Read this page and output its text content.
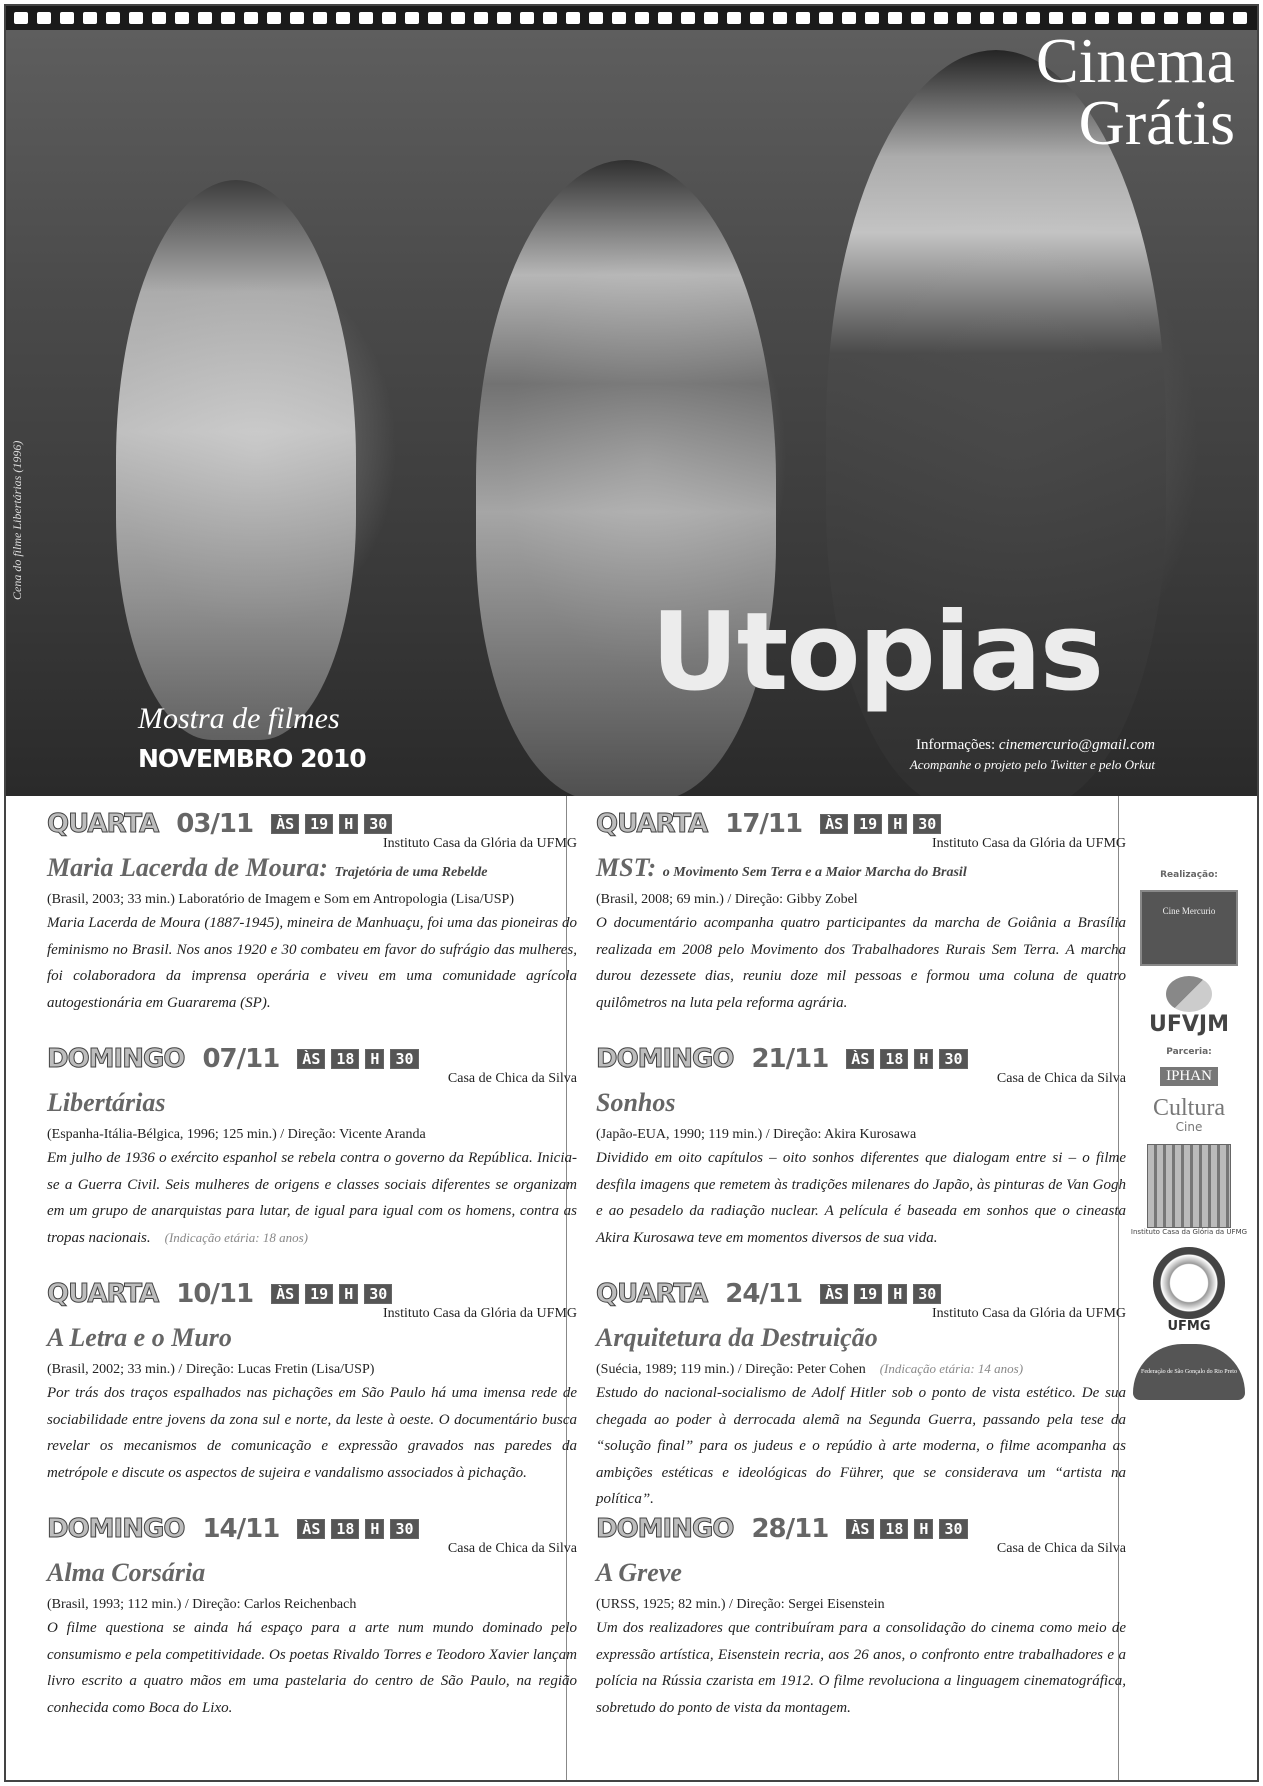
Cena do filme Libertárias (1996)
Cinema
Grátis
Utopias
Mostra de filmes
NOVEMBRO 2010	Informações: cinemercurio@gmail.com
Acompanhe o projeto pelo Twitter e pelo Orkut
QUARTA 03/11	ÀS	19	H	30
Instituto Casa da Glória da UFMG
Maria Lacerda de Moura: Trajetória de uma Rebelde
(Brasil, 2003; 33 min.) Laboratório de Imagem e Som em Antropologia (Lisa/USP)
Maria Lacerda de Moura (1887-1945), mineira de Manhuaçu, foi uma das pioneiras do feminismo no Brasil. Nos anos 1920 e 30 combateu em favor do sufrágio das mulheres, foi colaboradora da imprensa operária e viveu em uma comunidade agrícola autogestionária em Guararema (SP).
DOMINGO 07/11	ÀS	18	H	30
Casa de Chica da Silva
Libertárias
(Espanha-Itália-Bélgica, 1996; 125 min.) / Direção: Vicente Aranda
Em julho de 1936 o exército espanhol se rebela contra o governo da República. Inicia-se a Guerra Civil. Seis mulheres de origens e classes sociais diferentes se organizam em um grupo de anarquistas para lutar, de igual para igual com os homens, contra as tropas nacionais. (Indicação etária: 18 anos)
QUARTA 10/11	ÀS	19	H	30
Instituto Casa da Glória da UFMG
A Letra e o Muro
(Brasil, 2002; 33 min.) / Direção: Lucas Fretin (Lisa/USP)
Por trás dos traços espalhados nas pichações em São Paulo há uma imensa rede de sociabilidade entre jovens da zona sul e norte, da leste à oeste. O documentário busca revelar os mecanismos de comunicação e expressão gravados nas paredes da metrópole e discute os aspectos de sujeira e vandalismo associados à pichação.
DOMINGO 14/11	ÀS	18	H	30
Casa de Chica da Silva
Alma Corsária
(Brasil, 1993; 112 min.) / Direção: Carlos Reichenbach
O filme questiona se ainda há espaço para a arte num mundo dominado pelo consumismo e pela competitividade. Os poetas Rivaldo Torres e Teodoro Xavier lançam livro escrito a quatro mãos em uma pastelaria do centro de São Paulo, na região conhecida como Boca do Lixo.
QUARTA 17/11	ÀS	19	H	30
Instituto Casa da Glória da UFMG
MST: o Movimento Sem Terra e a Maior Marcha do Brasil
(Brasil, 2008; 69 min.) / Direção: Gibby Zobel
O documentário acompanha quatro participantes da marcha de Goiânia a Brasília realizada em 2008 pelo Movimento dos Trabalhadores Rurais Sem Terra. A marcha durou dezessete dias, reuniu doze mil pessoas e formou uma coluna de quatro quilômetros na luta pela reforma agrária.
DOMINGO 21/11	ÀS	18	H	30
Casa de Chica da Silva
Sonhos
(Japão-EUA, 1990; 119 min.) / Direção: Akira Kurosawa
Dividido em oito capítulos – oito sonhos diferentes que dialogam entre si – o filme desfila imagens que remetem às tradições milenares do Japão, às pinturas de Van Gogh e ao pesadelo da radiação nuclear. A película é baseada em sonhos que o cineasta Akira Kurosawa teve em momentos diversos de sua vida.
QUARTA 24/11	ÀS	19	H	30
Instituto Casa da Glória da UFMG
Arquitetura da Destruição
(Suécia, 1989; 119 min.) / Direção: Peter Cohen (Indicação etária: 14 anos)
Estudo do nacional-socialismo de Adolf Hitler sob o ponto de vista estético. De sua chegada ao poder à derrocada alemã na Segunda Guerra, passando pela tese da “solução final” para os judeus e o repúdio à arte moderna, o filme acompanha as ambições estéticas e ideológicas do Führer, que se considerava um “artista na política”.
DOMINGO 28/11	ÀS	18	H	30
Casa de Chica da Silva
A Greve
(URSS, 1925; 82 min.) / Direção: Sergei Eisenstein
Um dos realizadores que contribuíram para a consolidação do cinema como meio de expressão artística, Eisenstein recria, aos 26 anos, o confronto entre trabalhadores e a polícia na Rússia czarista em 1912. O filme revoluciona a linguagem cinematográfica, sobretudo do ponto de vista da montagem.
Realização:
Cine Mercurio
UFVJM
Parceria:
IPHAN
Cultura
Cine
Instituto Casa da Glória da UFMG
UFMG
Federação de São Gonçalo do Rio Preto
